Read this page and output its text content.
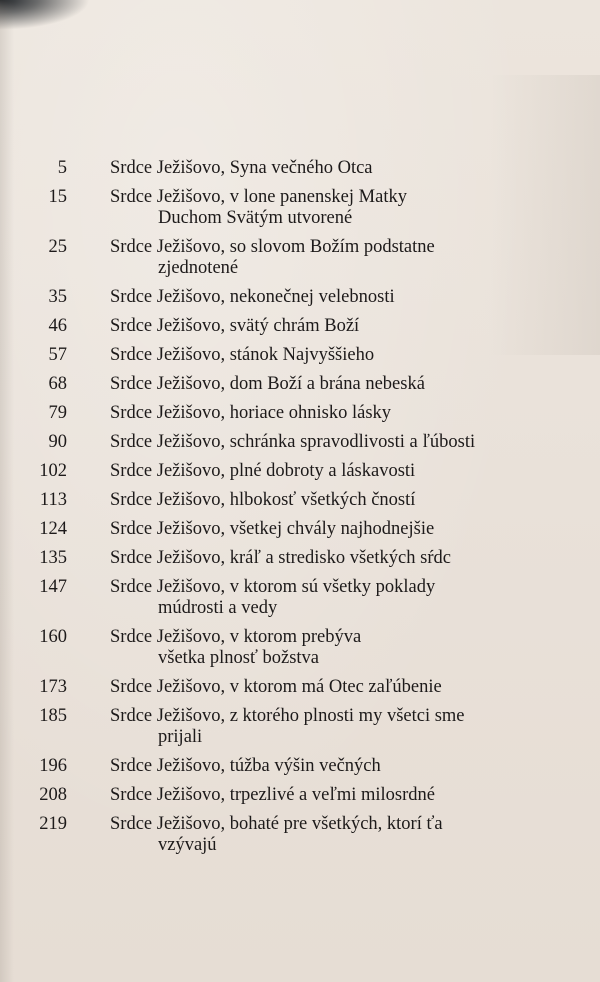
5 Srdce Ježišovo, Syna večného Otca
15 Srdce Ježišovo, v lone panenskej Matky
Duchom Svätým utvorené
25 Srdce Ježišovo, so slovom Božím podstatne
zjednotené
35 Srdce Ježišovo, nekonečnej velebnosti
46 Srdce Ježišovo, svätý chrám Boží
57 Srdce Ježišovo, stánok Najvyššieho
68 Srdce Ježišovo, dom Boží a brána nebeská
79 Srdce Ježišovo, horiace ohnisko lásky
90 Srdce Ježišovo, schránka spravodlivosti a ľúbosti
102 Srdce Ježišovo, plné dobroty a láskavosti
113 Srdce Ježišovo, hlbokosť všetkých čností
124 Srdce Ježišovo, všetkej chvály najhodnejšie
135 Srdce Ježišovo, kráľ a stredisko všetkých sŕdc
147 Srdce Ježišovo, v ktorom sú všetky poklady
múdrosti a vedy
160 Srdce Ježišovo, v ktorom prebýva
všetka plnosť božstva
173 Srdce Ježišovo, v ktorom má Otec zaľúbenie
185 Srdce Ježišovo, z ktorého plnosti my všetci sme
prijali
196 Srdce Ježišovo, túžba výšin večných
208 Srdce Ježišovo, trpezlivé a veľmi milosrdné
219 Srdce Ježišovo, bohaté pre všetkých, ktorí ťa
vzývajú
